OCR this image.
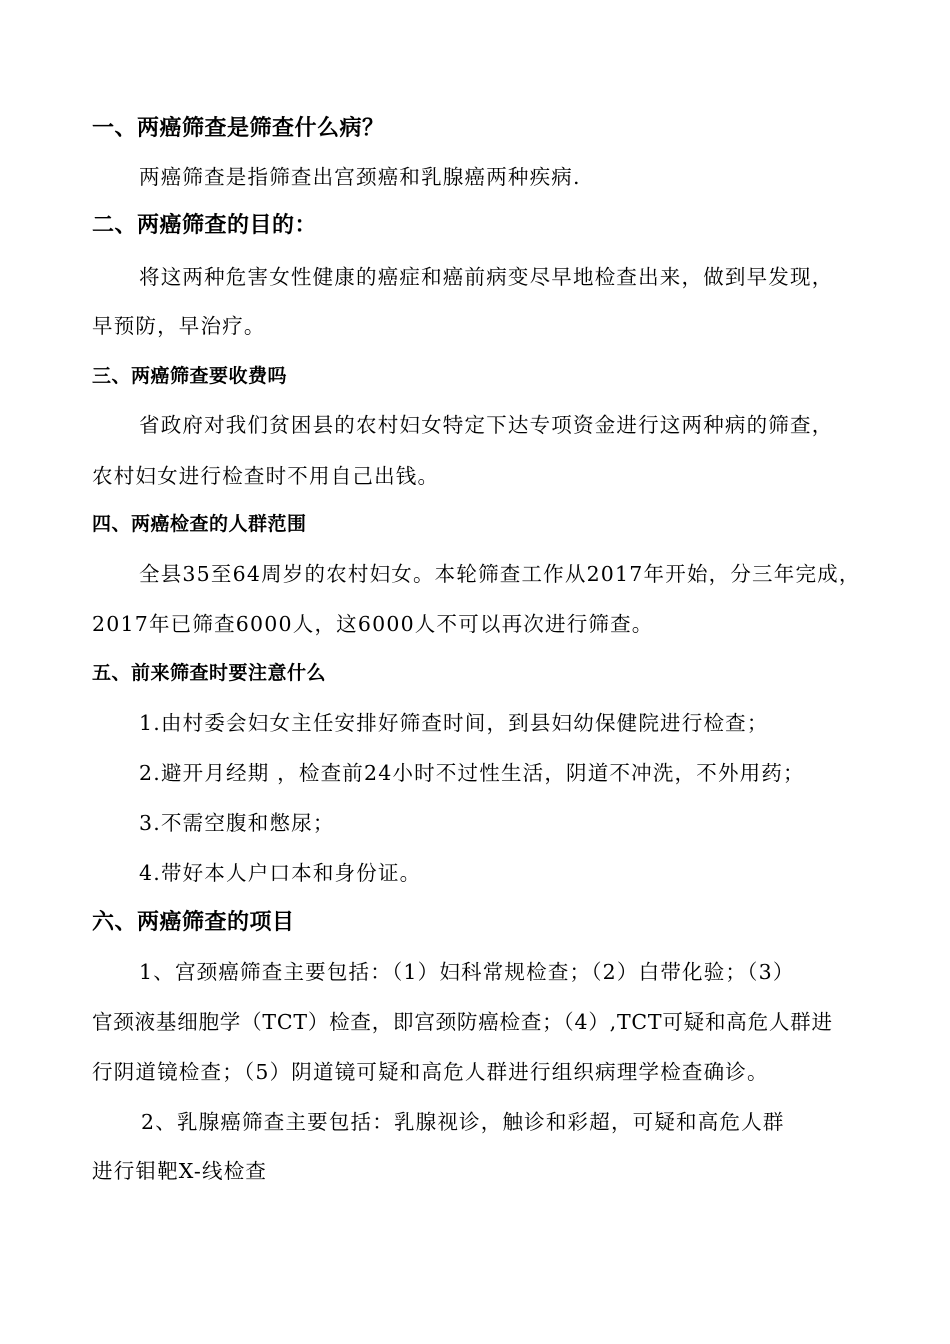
一、两癌筛查是筛查什么病？
两癌筛查是指筛查出宫颈癌和乳腺癌两种疾病.
二、两癌筛查的目的：
将这两种危害女性健康的癌症和癌前病变尽早地检查出来，做到早发现，
早预防，早治疗。
三、两癌筛查要收费吗
省政府对我们贫困县的农村妇女特定下达专项资金进行这两种病的筛查，
农村妇女进行检查时不用自己出钱。
四、两癌检查的人群范围
全县35至64周岁的农村妇女。本轮筛查工作从2017年开始，分三年完成，
2017年已筛查6000人，这6000人不可以再次进行筛查。
五、前来筛查时要注意什么
1.由村委会妇女主任安排好筛查时间，到县妇幼保健院进行检查；
2.避开月经期 ，检查前24小时不过性生活，阴道不冲洗，不外用药；
3.不需空腹和憋尿；
4.带好本人户口本和身份证。
六、两癌筛查的项目
1、宫颈癌筛查主要包括：（1）妇科常规检查；（2）白带化验；（3）
官颈液基细胞学（TCT）检查，即宫颈防癌检查；（4）,TCT可疑和高危人群进
行阴道镜检查；（5）阴道镜可疑和高危人群进行组织病理学检查确诊。
2、乳腺癌筛查主要包括：乳腺视诊，触诊和彩超，可疑和高危人群
进行钼靶X-线检查
